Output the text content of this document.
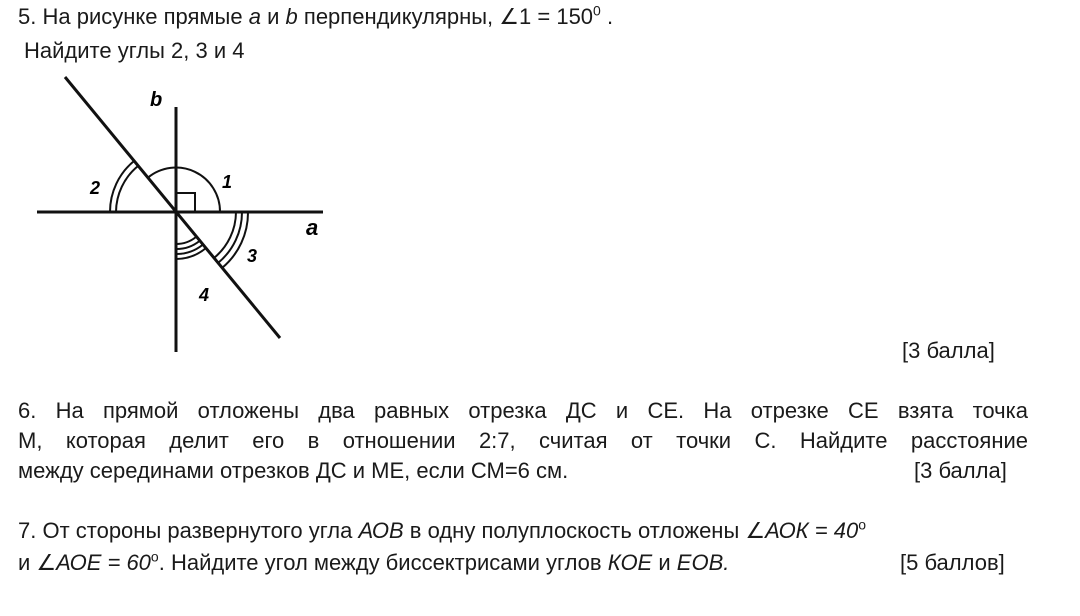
5. На рисунке прямые a и b перпендикулярны, ∠1 = $150^0$ .
Найдите углы 2, 3 и 4
b
a
1
2
3
4
[3 балла]
6. На прямой отложены два равных отрезка ДС и СЕ. На отрезке СЕ взята точка
М, которая делит его в отношении 2:7, считая от точки С. Найдите расстояние
между серединами отрезков ДС и МЕ, если СМ=6 см.	[3 балла]
7. От стороны развернутого угла АОВ в одну полуплоскость отложены ∠АОК = $40^о$
и ∠АОЕ = $60^о$. Найдите угол между биссектрисами углов КОЕ и ЕОВ.	[5 баллов]
